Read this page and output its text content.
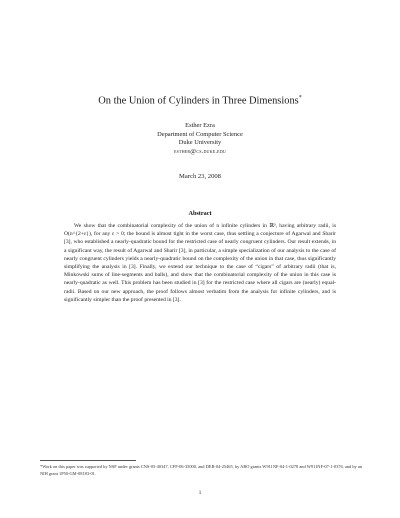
On the Union of Cylinders in Three Dimensions*
Esther Ezra
Department of Computer Science
Duke University
esther@cs.duke.edu
March 23, 2008
Abstract
We show that the combinatorial complexity of the union of n infinite cylinders in ℝ³, having arbitrary radii, is O(n^{2+ε}), for any ε > 0; the bound is almost tight in the worst case, thus settling a conjecture of Agarwal and Sharir [3], who established a nearly-quadratic bound for the restricted case of nearly congruent cylinders. Our result extends, in a significant way, the result of Agarwal and Sharir [3], in particular, a simple specialization of our analysis to the case of nearly congruent cylinders yields a nearly-quadratic bound on the complexity of the union in that case, thus significantly simplifying the analysis in [3]. Finally, we extend our technique to the case of “cigars” of arbitrary radii (that is, Minkowski sums of line-segments and balls), and show that the combinatorial complexity of the union in this case is nearly-quadratic as well. This problem has been studied in [3] for the restricted case where all cigars are (nearly) equal-radii. Based on our new approach, the proof follows almost verbatim from the analysis for infinite cylinders, and is significantly simpler than the proof presented in [3].
*Work on this paper was supported by NSF under grants CNS-05-40347, CFF-06-35000, and DEB-04-25465, by ARO grants W911NF-04-1-0278 and W911NF-07-1-0376, and by an NIH grant 1P50-GM-08183-01.
1
